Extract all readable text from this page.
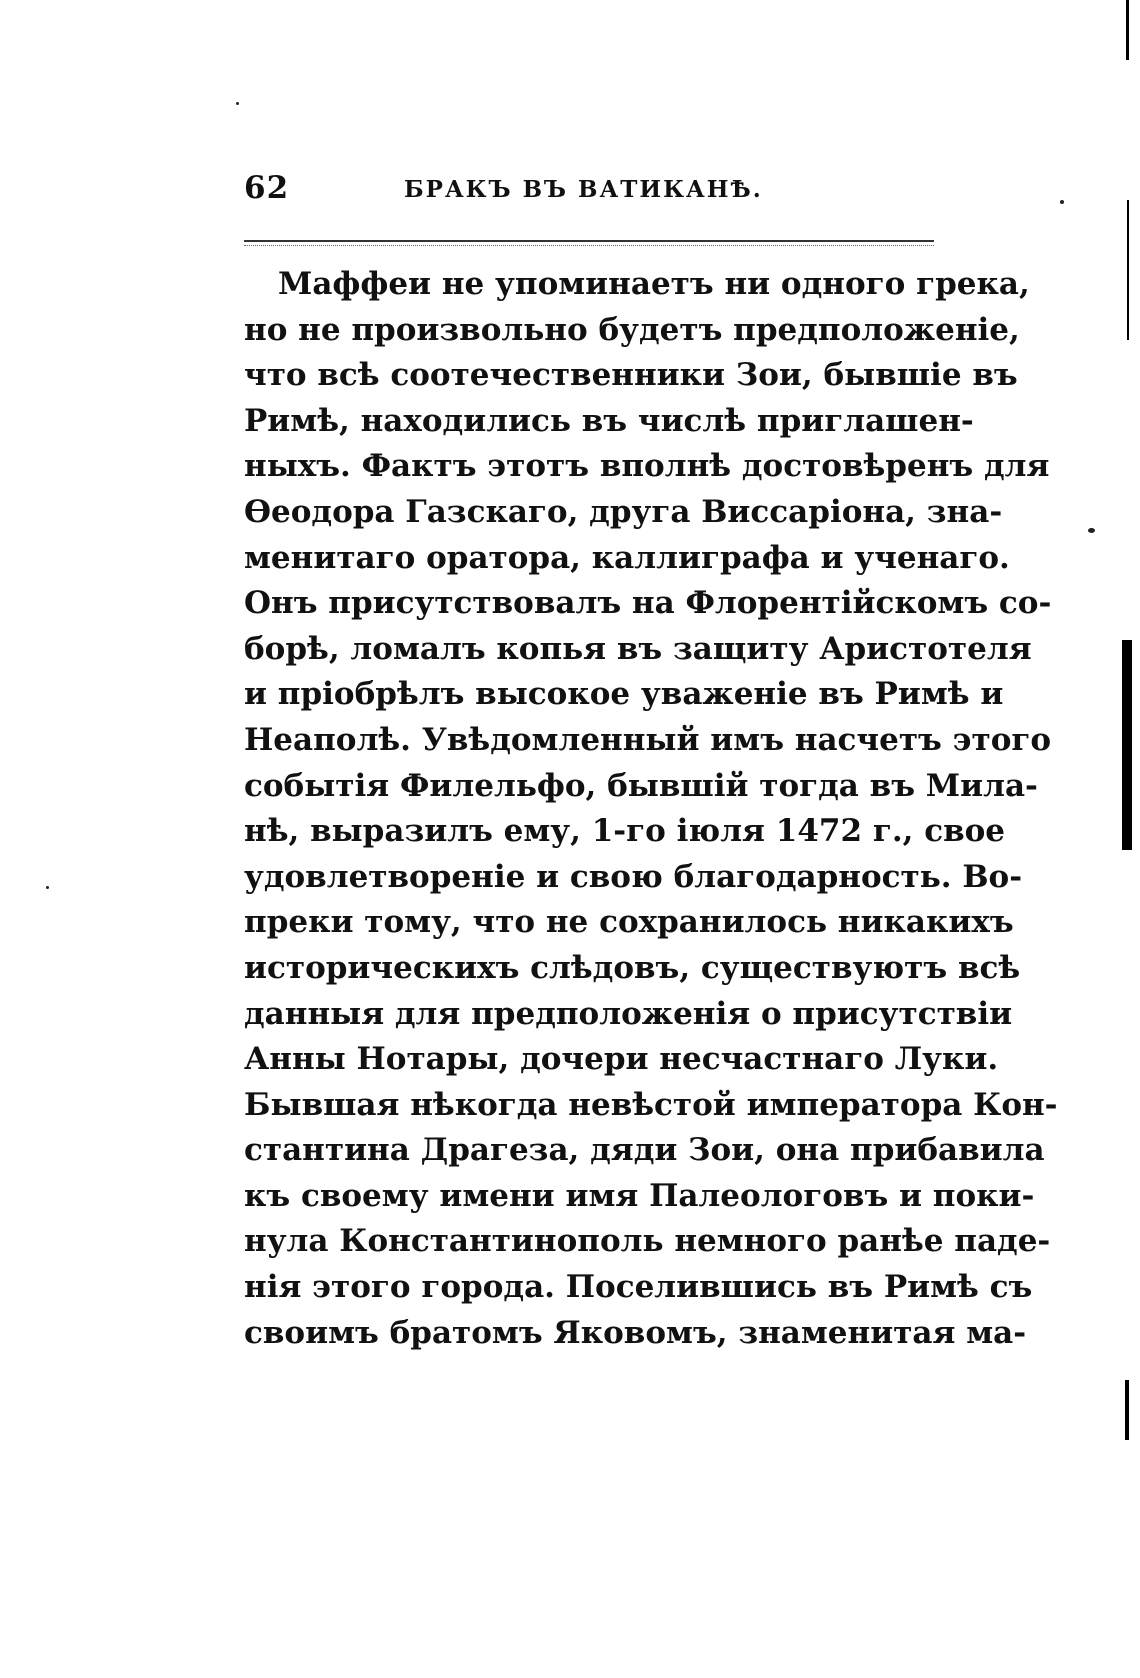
62	БРАКЪ ВЪ ВАТИКАНѢ.
Маффеи не упоминаетъ ни одного грека,
но не произвольно будетъ предположеніе,
что всѣ соотечественники Зои, бывшіе въ
Римѣ, находились въ числѣ приглашен-
ныхъ. Фактъ этотъ вполнѣ достовѣренъ для
Ѳеодора Газскаго, друга Виссаріона, зна-
менитаго оратора, каллиграфа и ученаго.
Онъ присутствовалъ на Флорентійскомъ со-
борѣ, ломалъ копья въ защиту Аристотеля
и пріобрѣлъ высокое уваженіе въ Римѣ и
Неаполѣ. Увѣдомленный имъ насчетъ этого
событія Филельфо, бывшій тогда въ Мила-
нѣ, выразилъ ему, 1-го іюля 1472 г., свое
удовлетвореніе и свою благодарность. Во-
преки тому, что не сохранилось никакихъ
историческихъ слѣдовъ, существуютъ всѣ
данныя для предположенія о присутствіи
Анны Нотары, дочери несчастнаго Луки.
Бывшая нѣкогда невѣстой императора Кон-
стантина Драгеза, дяди Зои, она прибавила
къ своему имени имя Палеологовъ и поки-
нула Константинополь немного ранѣе паде-
нія этого города. Поселившись въ Римѣ съ
своимъ братомъ Яковомъ, знаменитая ма-
